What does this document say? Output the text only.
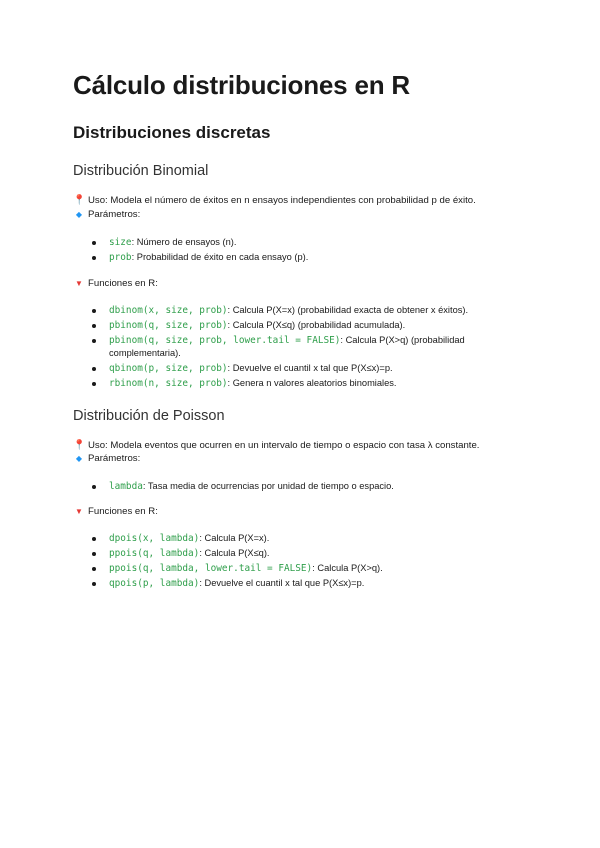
Cálculo distribuciones en R
Distribuciones discretas
Distribución Binomial
📍 Uso: Modela el número de éxitos en n ensayos independientes con probabilidad p de éxito.
◆ Parámetros:
size: Número de ensayos (n).
prob: Probabilidad de éxito en cada ensayo (p).
▼ Funciones en R:
dbinom(x, size, prob): Calcula P(X=x) (probabilidad exacta de obtener x éxitos).
pbinom(q, size, prob): Calcula P(X≤q) (probabilidad acumulada).
pbinom(q, size, prob, lower.tail = FALSE): Calcula P(X>q) (probabilidad complementaria).
qbinom(p, size, prob): Devuelve el cuantil x tal que P(X≤x)=p.
rbinom(n, size, prob): Genera n valores aleatorios binomiales.
Distribución de Poisson
📍 Uso: Modela eventos que ocurren en un intervalo de tiempo o espacio con tasa λ constante.
◆ Parámetros:
lambda: Tasa media de ocurrencias por unidad de tiempo o espacio.
▼ Funciones en R:
dpois(x, lambda): Calcula P(X=x).
ppois(q, lambda): Calcula P(X≤q).
ppois(q, lambda, lower.tail = FALSE): Calcula P(X>q).
qpois(p, lambda): Devuelve el cuantil x tal que P(X≤x)=p.
